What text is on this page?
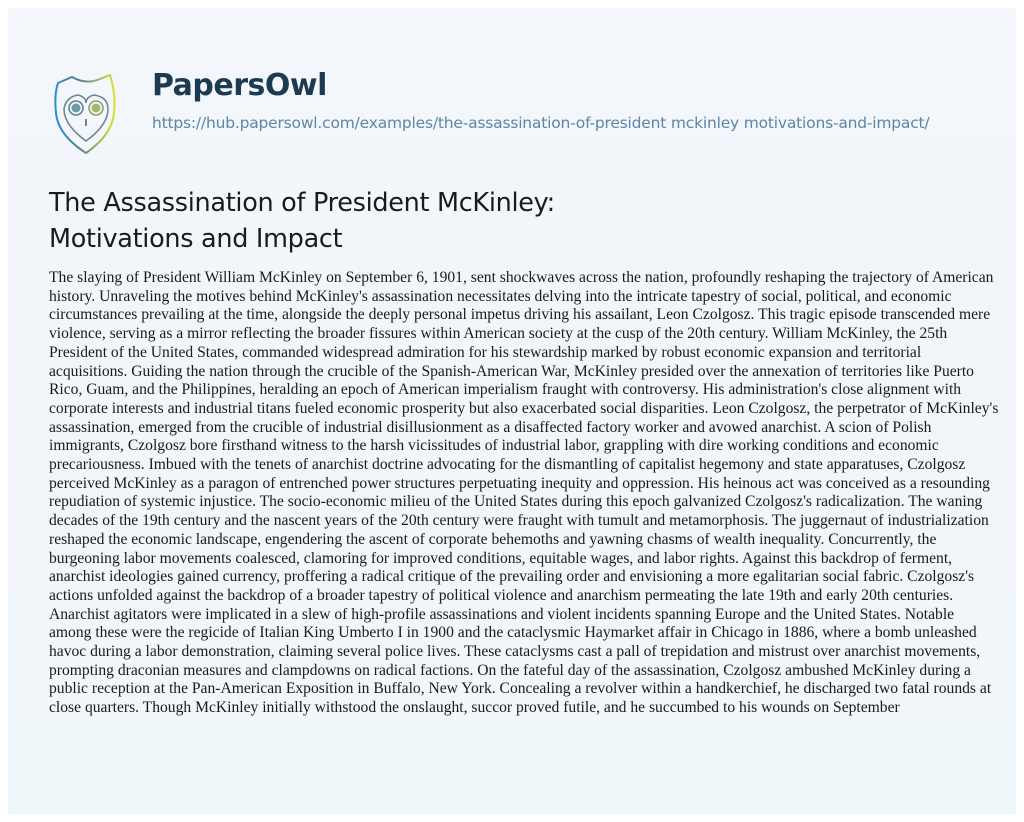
PapersOwl
https://hub.papersowl.com/examples/the-assassination-of-president mckinley motivations-and-impact/
The Assassination of President McKinley:
Motivations and Impact

The slaying of President William McKinley on September 6, 1901, sent shockwaves across the nation, profoundly reshaping the trajectory of American history. Unraveling the motives behind McKinley's assassination necessitates delving into the intricate tapestry of social, political, and economic circumstances prevailing at the time, alongside the deeply personal impetus driving his assailant, Leon Czolgosz. This tragic episode transcended mere violence, serving as a mirror reflecting the broader fissures within American society at the cusp of the 20th century. William McKinley, the 25th President of the United States, commanded widespread admiration for his stewardship marked by robust economic expansion and territorial acquisitions. Guiding the nation through the crucible of the Spanish-American War, McKinley presided over the annexation of territories like Puerto Rico, Guam, and the Philippines, heralding an epoch of American imperialism fraught with controversy. His administration's close alignment with corporate interests and industrial titans fueled economic prosperity but also exacerbated social disparities. Leon Czolgosz, the perpetrator of McKinley's assassination, emerged from the crucible of industrial disillusionment as a disaffected factory worker and avowed anarchist. A scion of Polish immigrants, Czolgosz bore firsthand witness to the harsh vicissitudes of industrial labor, grappling with dire working conditions and economic precariousness. Imbued with the tenets of anarchist doctrine advocating for the dismantling of capitalist hegemony and state apparatuses, Czolgosz perceived McKinley as a paragon of entrenched power structures perpetuating inequity and oppression. His heinous act was conceived as a resounding repudiation of systemic injustice. The socio-economic milieu of the United States during this epoch galvanized Czolgosz's radicalization. The waning decades of the 19th century and the nascent years of the 20th century were fraught with tumult and metamorphosis. The juggernaut of industrialization reshaped the economic landscape, engendering the ascent of corporate behemoths and yawning chasms of wealth inequality. Concurrently, the burgeoning labor movements coalesced, clamoring for improved conditions, equitable wages, and labor rights. Against this backdrop of ferment, anarchist ideologies gained currency, proffering a radical critique of the prevailing order and envisioning a more egalitarian social fabric. Czolgosz's actions unfolded against the backdrop of a broader tapestry of political violence and anarchism permeating the late 19th and early 20th centuries. Anarchist agitators were implicated in a slew of high-profile assassinations and violent incidents spanning Europe and the United States. Notable among these were the regicide of Italian King Umberto I in 1900 and the cataclysmic Haymarket affair in Chicago in 1886, where a bomb unleashed havoc during a labor demonstration, claiming several police lives. These cataclysms cast a pall of trepidation and mistrust over anarchist movements, prompting draconian measures and clampdowns on radical factions. On the fateful day of the assassination, Czolgosz ambushed McKinley during a public reception at the Pan-American Exposition in Buffalo, New York. Concealing a revolver within a handkerchief, he discharged two fatal rounds at close quarters. Though McKinley initially withstood the onslaught, succor proved futile, and he succumbed to his wounds on September
